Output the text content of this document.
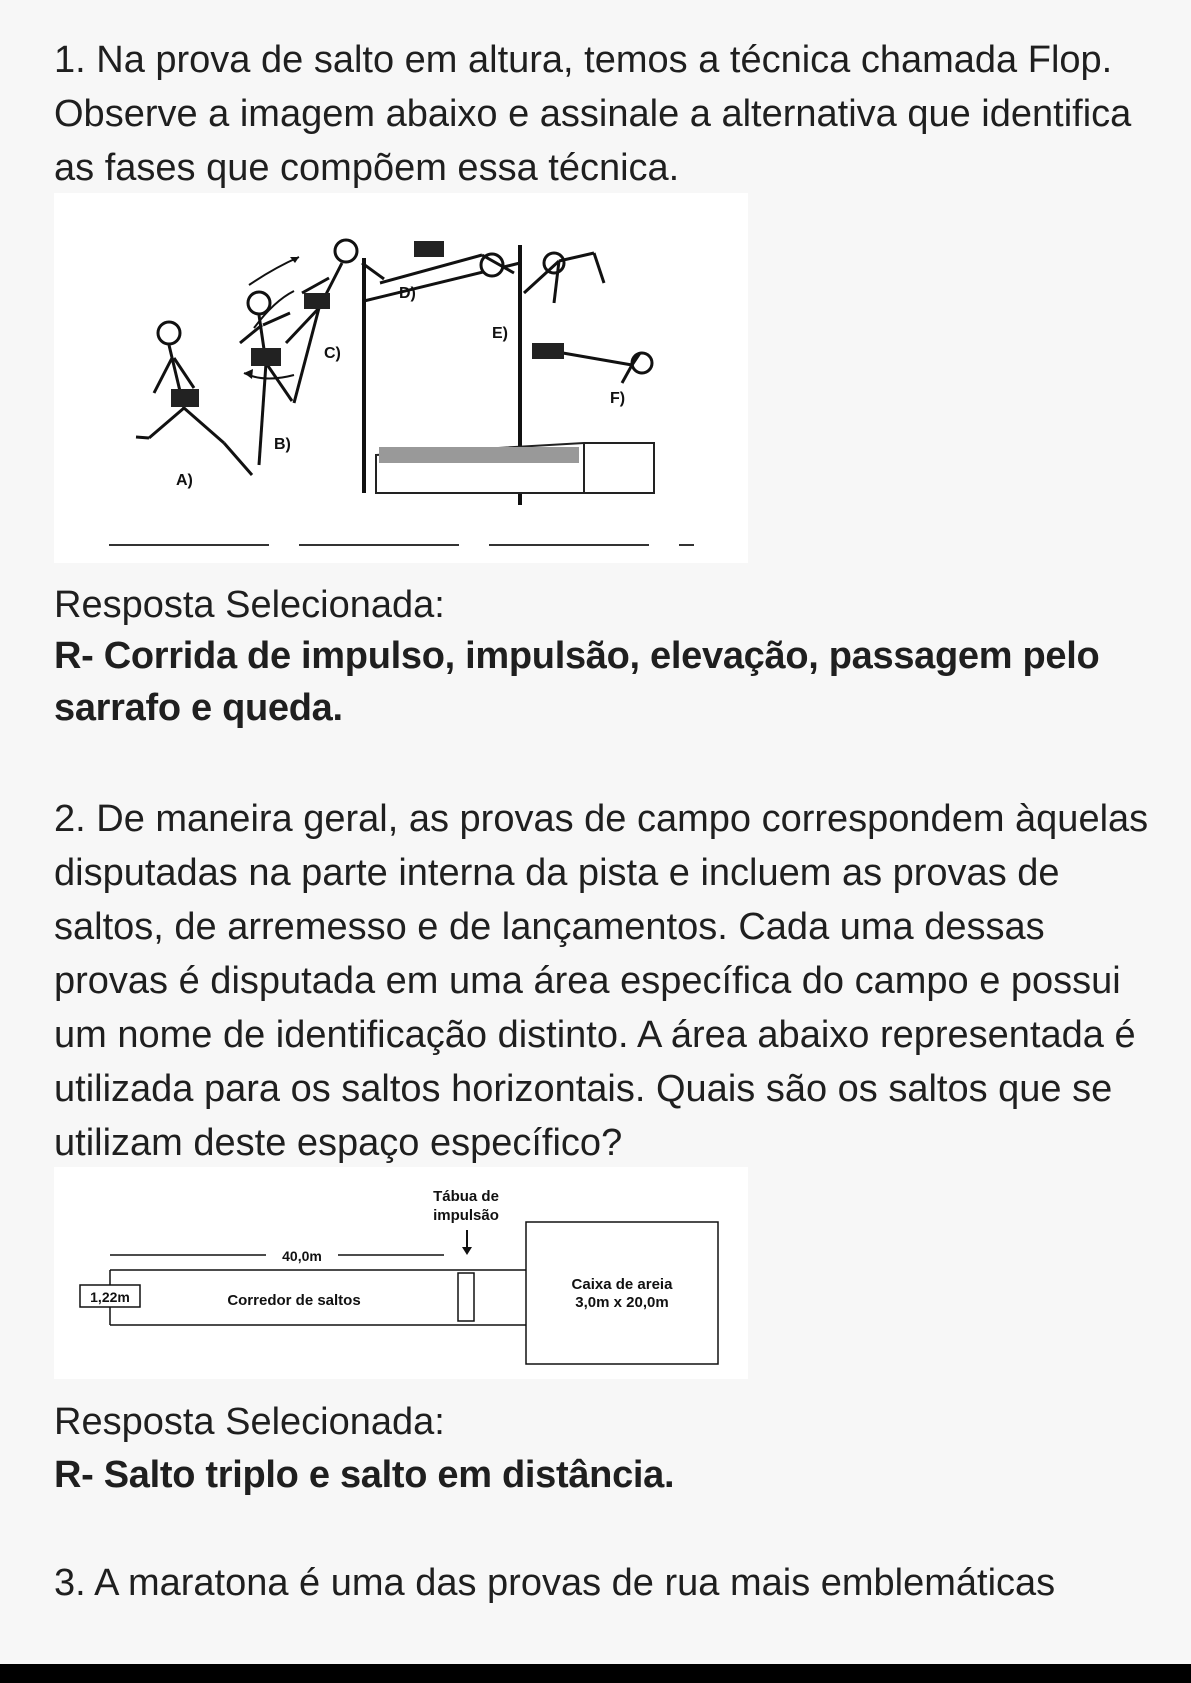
1. Na prova de salto em altura, temos a técnica chamada Flop. Observe a imagem abaixo e assinale a alternativa que identifica as fases que compõem essa técnica.

A)
B)
C)
D)
E)
F)

Resposta Selecionada:

R- Corrida de impulso, impulsão, elevação, passagem pelo sarrafo e queda.

2. De maneira geral, as provas de campo correspondem àquelas disputadas na parte interna da pista e incluem as provas de saltos, de arremesso e de lançamentos. Cada uma dessas provas é disputada em uma área específica do campo e possui um nome de identificação distinto. A área abaixo representada é utilizada para os saltos horizontais. Quais são os saltos que se utilizam deste espaço específico?

Tábua de
impulsão
40,0m
1,22m	Corredor de saltos
Caixa de areia
3,0m x 20,0m

Resposta Selecionada:

R- Salto triplo e salto em distância.

3. A maratona é uma das provas de rua mais emblemáticas
